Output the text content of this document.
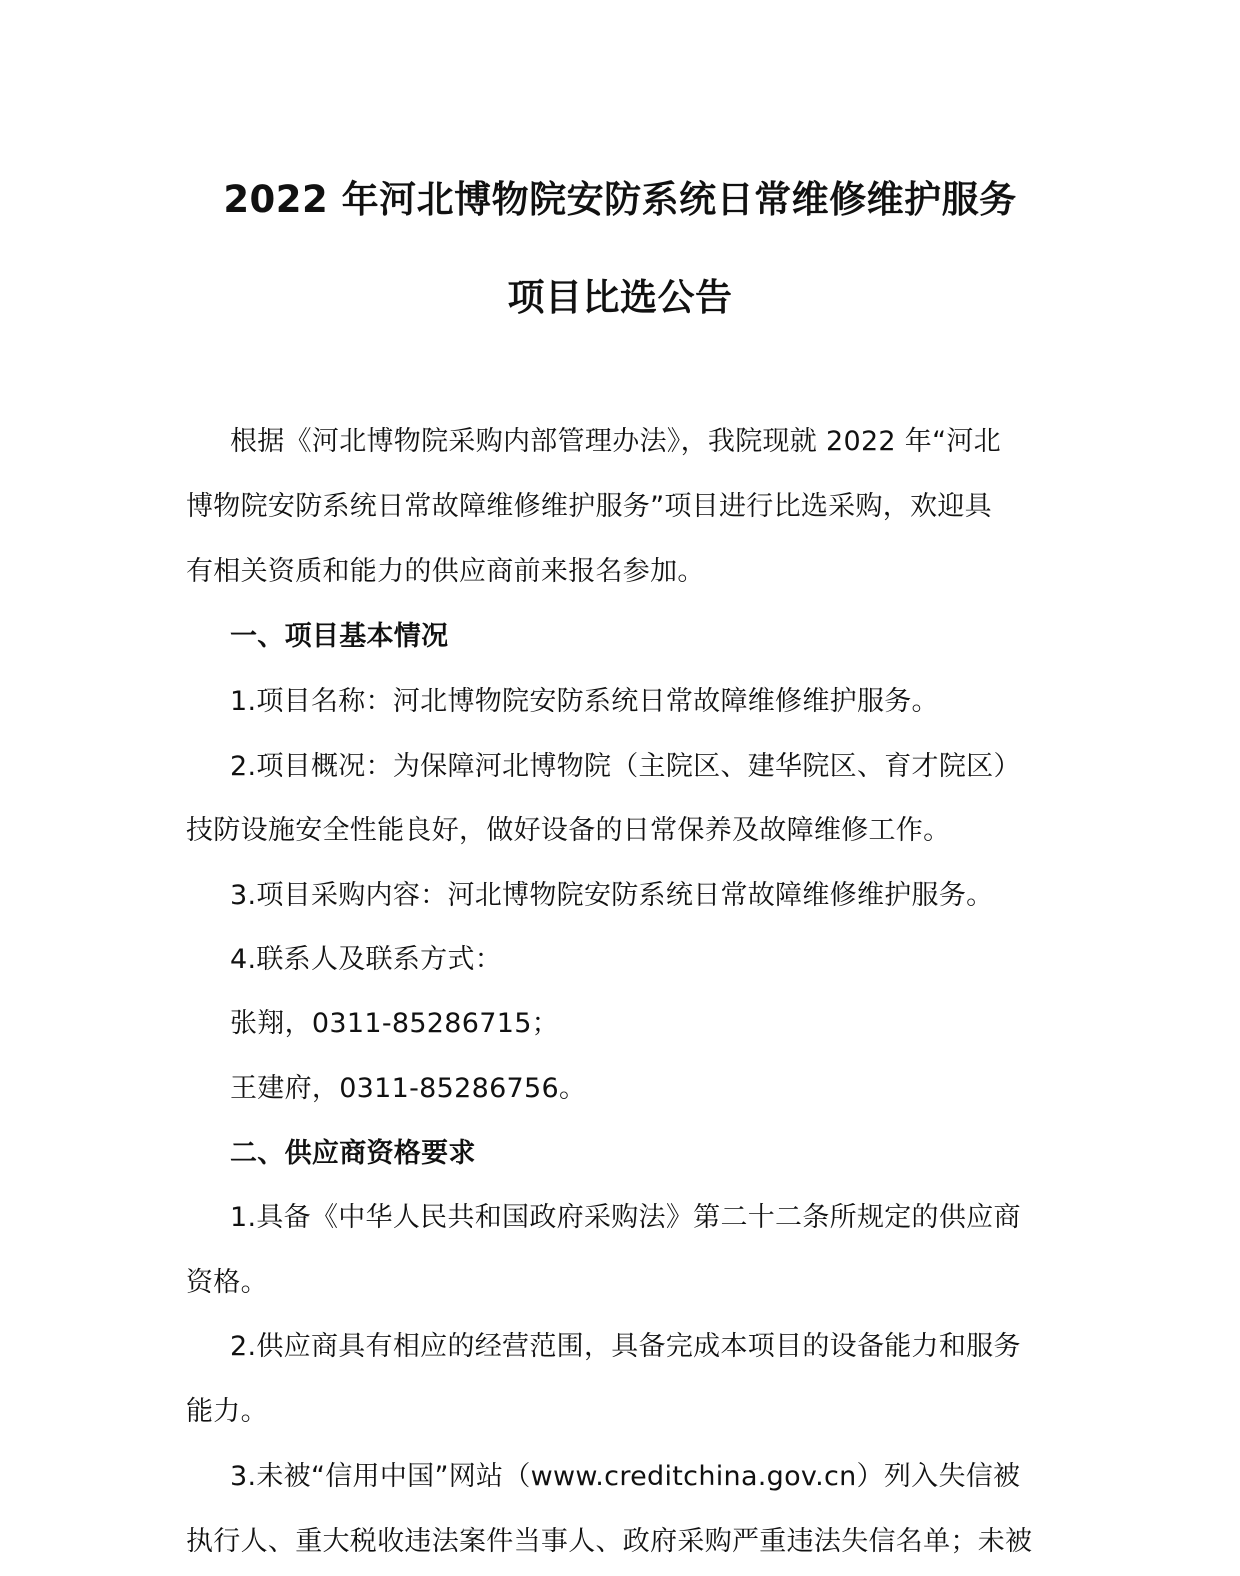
2022 年河北博物院安防系统日常维修维护服务
项目比选公告
根据《河北博物院采购内部管理办法》，我院现就 2022 年“河北
博物院安防系统日常故障维修维护服务”项目进行比选采购，欢迎具
有相关资质和能力的供应商前来报名参加。
一、项目基本情况
1.项目名称：河北博物院安防系统日常故障维修维护服务。
2.项目概况：为保障河北博物院（主院区、建华院区、育才院区）
技防设施安全性能良好，做好设备的日常保养及故障维修工作。
3.项目采购内容：河北博物院安防系统日常故障维修维护服务。
4.联系人及联系方式：
张翔，0311-85286715；
王建府，0311-85286756。
二、供应商资格要求
1.具备《中华人民共和国政府采购法》第二十二条所规定的供应商
资格。
2.供应商具有相应的经营范围，具备完成本项目的设备能力和服务
能力。
3.未被“信用中国”网站（www.creditchina.gov.cn）列入失信被
执行人、重大税收违法案件当事人、政府采购严重违法失信名单；未被
